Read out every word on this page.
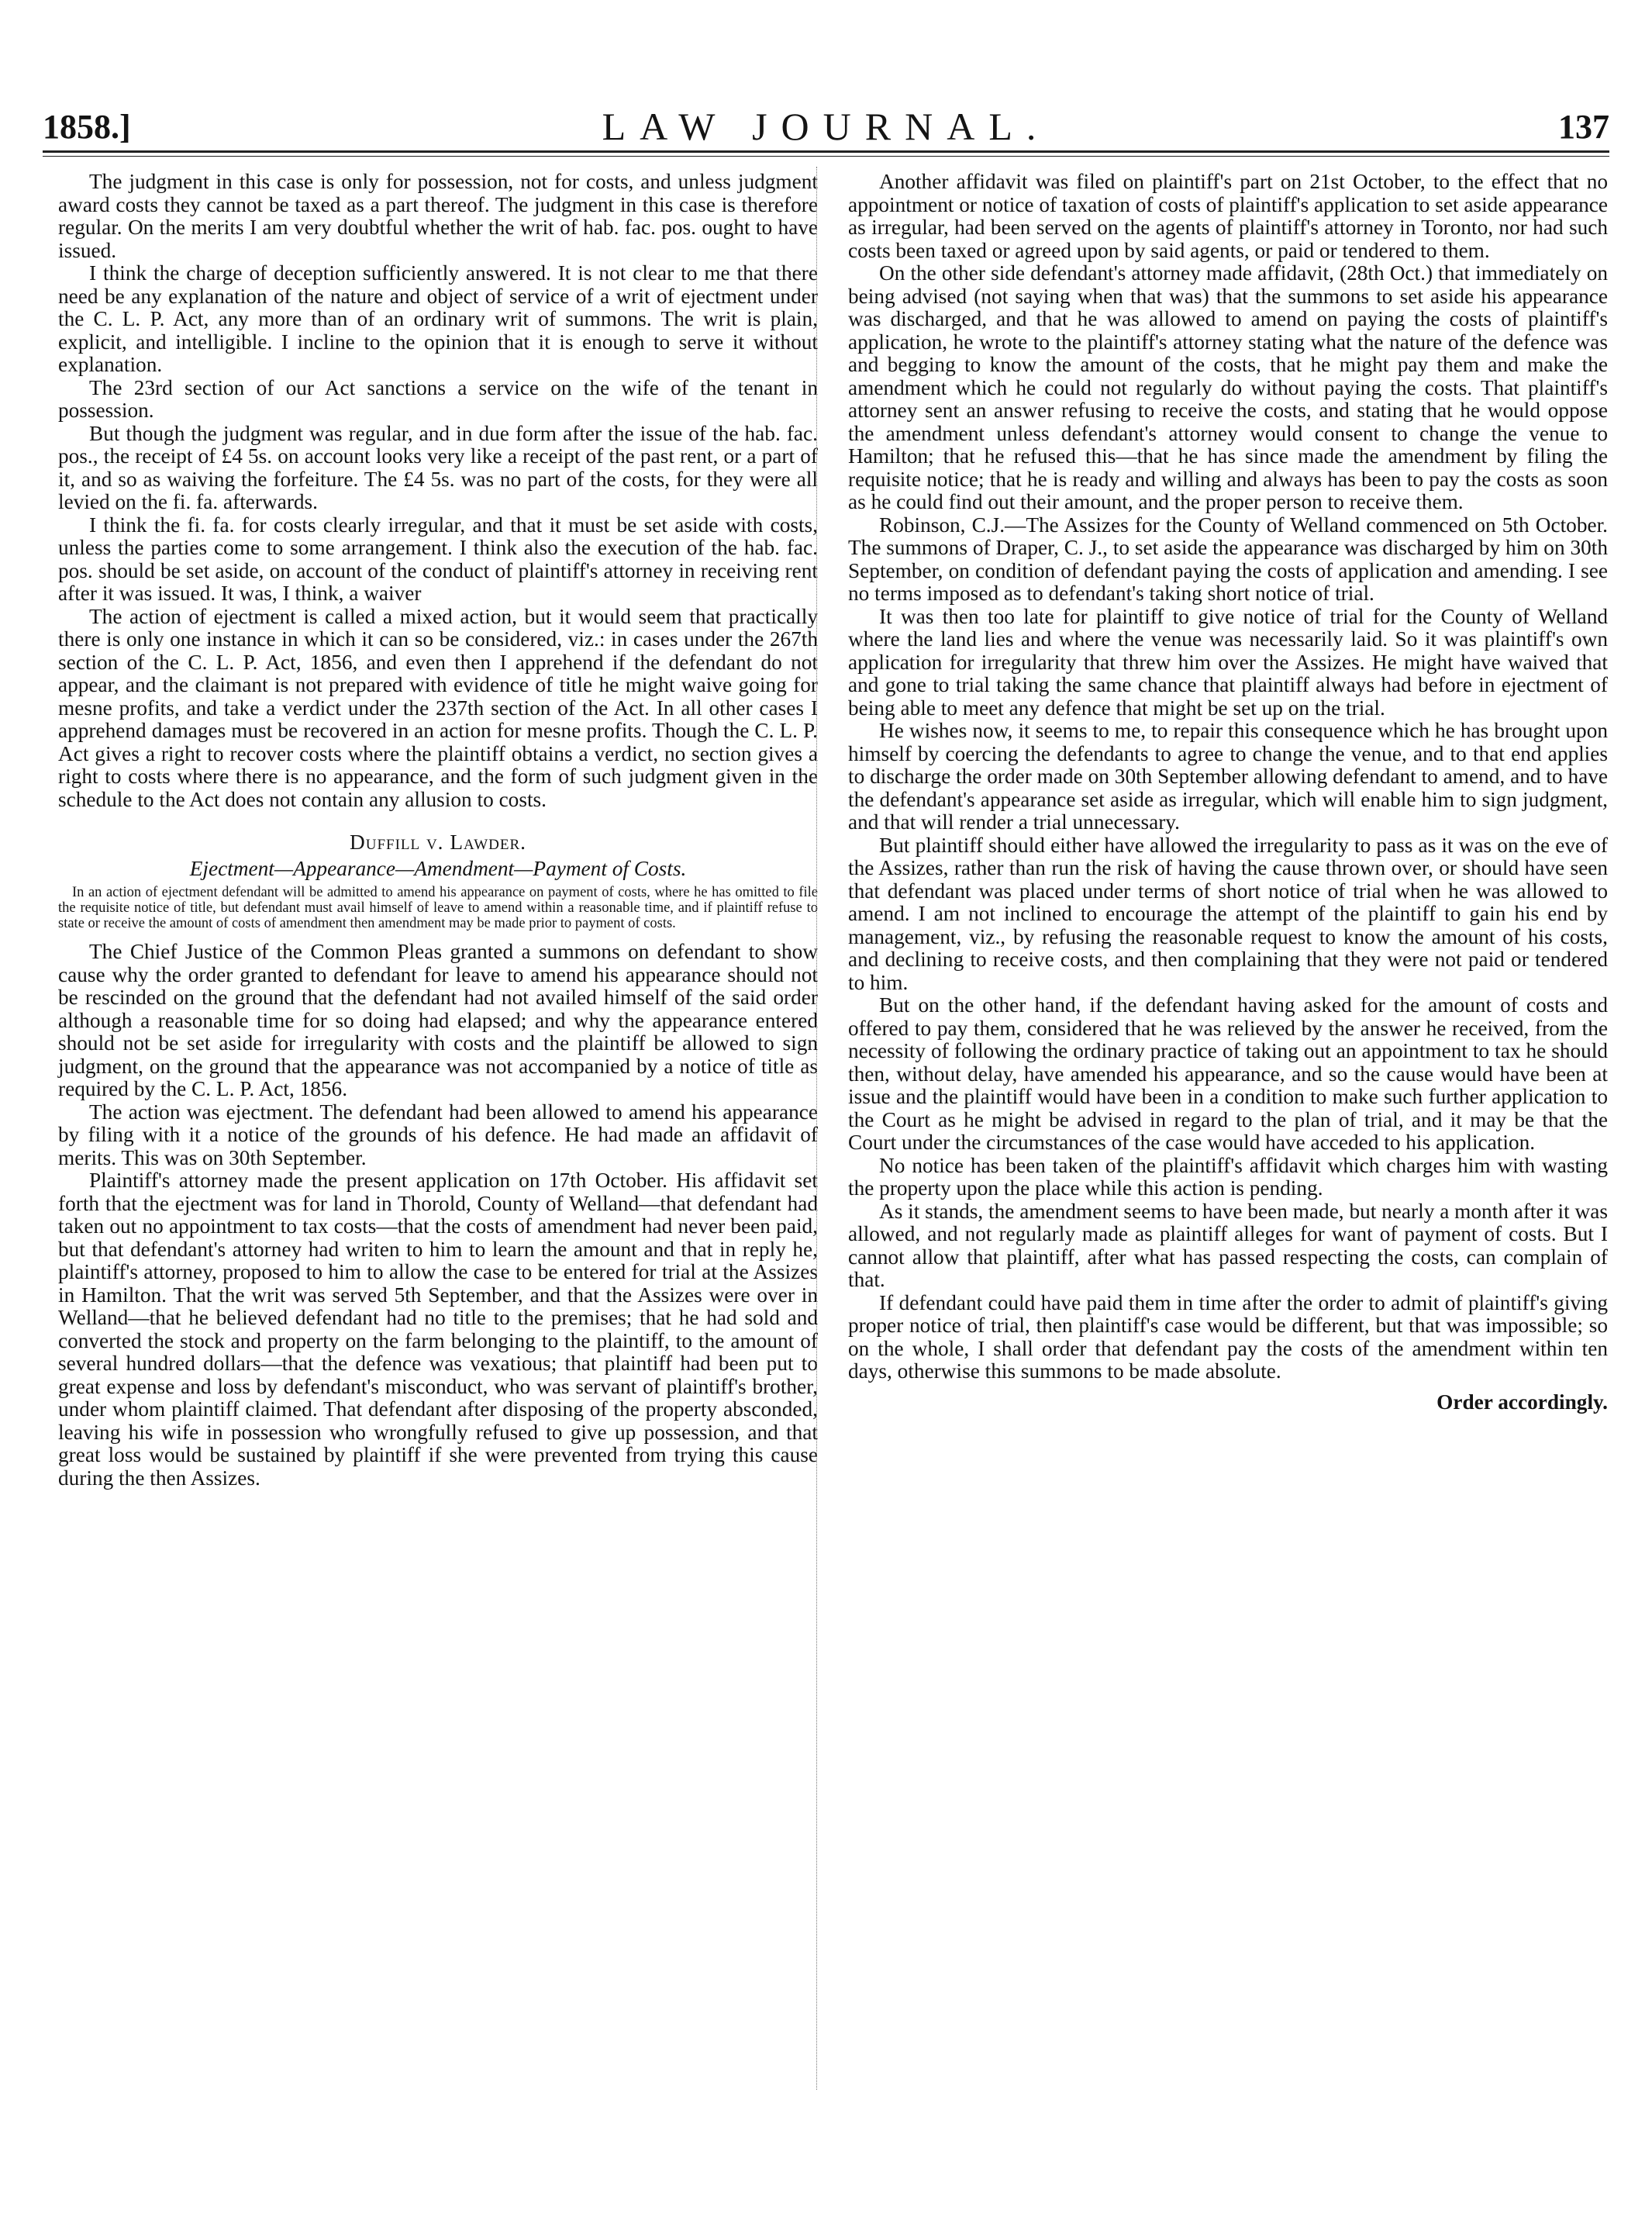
1858.]	LAW JOURNAL.	137

The judgment in this case is only for possession, not for costs, and unless judgment award costs they cannot be taxed as a part thereof. The judgment in this case is therefore regular. On the merits I am very doubtful whether the writ of hab. fac. pos. ought to have issued.

I think the charge of deception sufficiently answered. It is not clear to me that there need be any explanation of the nature and object of service of a writ of ejectment under the C. L. P. Act, any more than of an ordinary writ of summons. The writ is plain, explicit, and intelligible. I incline to the opinion that it is enough to serve it without explanation.

The 23rd section of our Act sanctions a service on the wife of the tenant in possession.

But though the judgment was regular, and in due form after the issue of the hab. fac. pos., the receipt of £4 5s. on account looks very like a receipt of the past rent, or a part of it, and so as waiving the forfeiture. The £4 5s. was no part of the costs, for they were all levied on the fi. fa. afterwards.

I think the fi. fa. for costs clearly irregular, and that it must be set aside with costs, unless the parties come to some arrangement. I think also the execution of the hab. fac. pos. should be set aside, on account of the conduct of plaintiff's attorney in receiving rent after it was issued. It was, I think, a waiver

The action of ejectment is called a mixed action, but it would seem that practically there is only one instance in which it can so be considered, viz.: in cases under the 267th section of the C. L. P. Act, 1856, and even then I apprehend if the defendant do not appear, and the claimant is not prepared with evidence of title he might waive going for mesne profits, and take a verdict under the 237th section of the Act. In all other cases I apprehend damages must be recovered in an action for mesne profits. Though the C. L. P. Act gives a right to recover costs where the plaintiff obtains a verdict, no section gives a right to costs where there is no appearance, and the form of such judgment given in the schedule to the Act does not contain any allusion to costs.

Duffill v. Lawder.

Ejectment—Appearance—Amendment—Payment of Costs.

In an action of ejectment defendant will be admitted to amend his appearance on payment of costs, where he has omitted to file the requisite notice of title, but defendant must avail himself of leave to amend within a reasonable time, and if plaintiff refuse to state or receive the amount of costs of amendment then amendment may be made prior to payment of costs.

The Chief Justice of the Common Pleas granted a summons on defendant to show cause why the order granted to defendant for leave to amend his appearance should not be rescinded on the ground that the defendant had not availed himself of the said order although a reasonable time for so doing had elapsed; and why the appearance entered should not be set aside for irregularity with costs and the plaintiff be allowed to sign judgment, on the ground that the appearance was not accompanied by a notice of title as required by the C. L. P. Act, 1856.

The action was ejectment. The defendant had been allowed to amend his appearance by filing with it a notice of the grounds of his defence. He had made an affidavit of merits. This was on 30th September.

Plaintiff's attorney made the present application on 17th October. His affidavit set forth that the ejectment was for land in Thorold, County of Welland—that defendant had taken out no appointment to tax costs—that the costs of amendment had never been paid, but that defendant's attorney had writen to him to learn the amount and that in reply he, plaintiff's attorney, proposed to him to allow the case to be entered for trial at the Assizes in Hamilton. That the writ was served 5th September, and that the Assizes were over in Welland—that he believed defendant had no title to the premises; that he had sold and converted the stock and property on the farm belonging to the plaintiff, to the amount of several hundred dollars—that the defence was vexatious; that plaintiff had been put to great expense and loss by defendant's misconduct, who was servant of plaintiff's brother, under whom plaintiff claimed. That defendant after disposing of the property absconded, leaving his wife in possession who wrongfully refused to give up possession, and that great loss would be sustained by plaintiff if she were prevented from trying this cause during the then Assizes.

Another affidavit was filed on plaintiff's part on 21st October, to the effect that no appointment or notice of taxation of costs of plaintiff's application to set aside appearance as irregular, had been served on the agents of plaintiff's attorney in Toronto, nor had such costs been taxed or agreed upon by said agents, or paid or tendered to them.

On the other side defendant's attorney made affidavit, (28th Oct.) that immediately on being advised (not saying when that was) that the summons to set aside his appearance was discharged, and that he was allowed to amend on paying the costs of plaintiff's application, he wrote to the plaintiff's attorney stating what the nature of the defence was and begging to know the amount of the costs, that he might pay them and make the amendment which he could not regularly do without paying the costs. That plaintiff's attorney sent an answer refusing to receive the costs, and stating that he would oppose the amendment unless defendant's attorney would consent to change the venue to Hamilton; that he refused this—that he has since made the amendment by filing the requisite notice; that he is ready and willing and always has been to pay the costs as soon as he could find out their amount, and the proper person to receive them.

Robinson, C.J.—The Assizes for the County of Welland commenced on 5th October. The summons of Draper, C. J., to set aside the appearance was discharged by him on 30th September, on condition of defendant paying the costs of application and amending. I see no terms imposed as to defendant's taking short notice of trial.

It was then too late for plaintiff to give notice of trial for the County of Welland where the land lies and where the venue was necessarily laid. So it was plaintiff's own application for irregularity that threw him over the Assizes. He might have waived that and gone to trial taking the same chance that plaintiff always had before in ejectment of being able to meet any defence that might be set up on the trial.

He wishes now, it seems to me, to repair this consequence which he has brought upon himself by coercing the defendants to agree to change the venue, and to that end applies to discharge the order made on 30th September allowing defendant to amend, and to have the defendant's appearance set aside as irregular, which will enable him to sign judgment, and that will render a trial unnecessary.

But plaintiff should either have allowed the irregularity to pass as it was on the eve of the Assizes, rather than run the risk of having the cause thrown over, or should have seen that defendant was placed under terms of short notice of trial when he was allowed to amend. I am not inclined to encourage the attempt of the plaintiff to gain his end by management, viz., by refusing the reasonable request to know the amount of his costs, and declining to receive costs, and then complaining that they were not paid or tendered to him.

But on the other hand, if the defendant having asked for the amount of costs and offered to pay them, considered that he was relieved by the answer he received, from the necessity of following the ordinary practice of taking out an appointment to tax he should then, without delay, have amended his appearance, and so the cause would have been at issue and the plaintiff would have been in a condition to make such further application to the Court as he might be advised in regard to the plan of trial, and it may be that the Court under the circumstances of the case would have acceded to his application.

No notice has been taken of the plaintiff's affidavit which charges him with wasting the property upon the place while this action is pending.

As it stands, the amendment seems to have been made, but nearly a month after it was allowed, and not regularly made as plaintiff alleges for want of payment of costs. But I cannot allow that plaintiff, after what has passed respecting the costs, can complain of that.

If defendant could have paid them in time after the order to admit of plaintiff's giving proper notice of trial, then plaintiff's case would be different, but that was impossible; so on the whole, I shall order that defendant pay the costs of the amendment within ten days, otherwise this summons to be made absolute.

Order accordingly.
